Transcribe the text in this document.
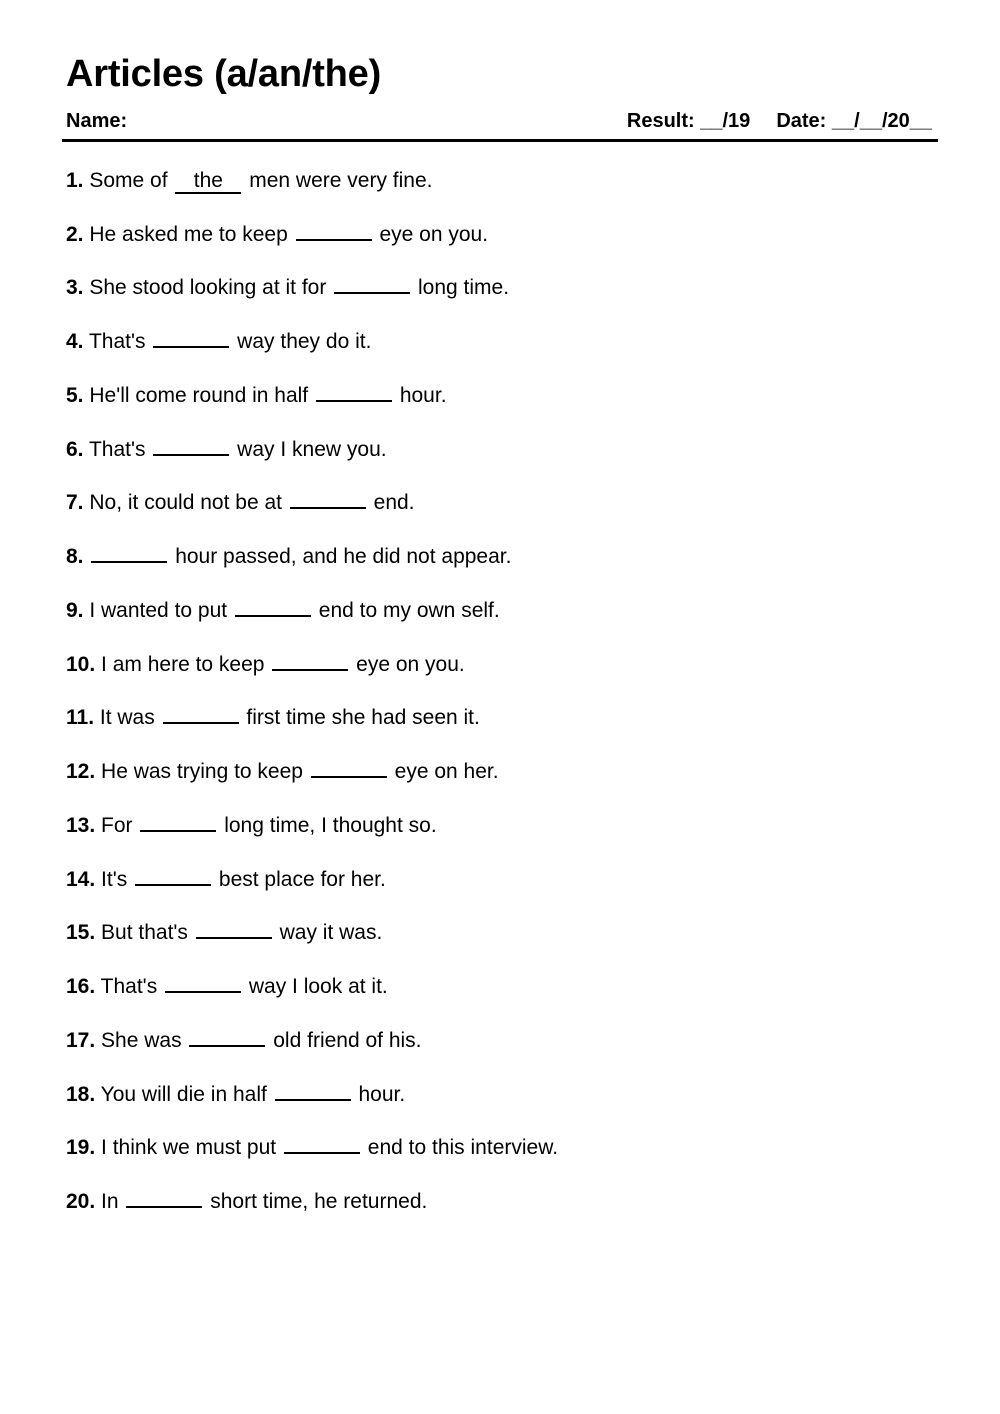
Articles (a/an/the)
Name:	Result: __/19 Date: __/__/20__
1. Some of the men were very fine.
2. He asked me to keep	eye on you.
3. She stood looking at it for	long time.
4. That's	way they do it.
5. He'll come round in half	hour.
6. That's	way I knew you.
7. No, it could not be at	end.
8.	hour passed, and he did not appear.
9. I wanted to put	end to my own self.
10. I am here to keep	eye on you.
11. It was	first time she had seen it.
12. He was trying to keep	eye on her.
13. For	long time, I thought so.
14. It's	best place for her.
15. But that's	way it was.
16. That's	way I look at it.
17. She was	old friend of his.
18. You will die in half	hour.
19. I think we must put	end to this interview.
20. In	short time, he returned.
